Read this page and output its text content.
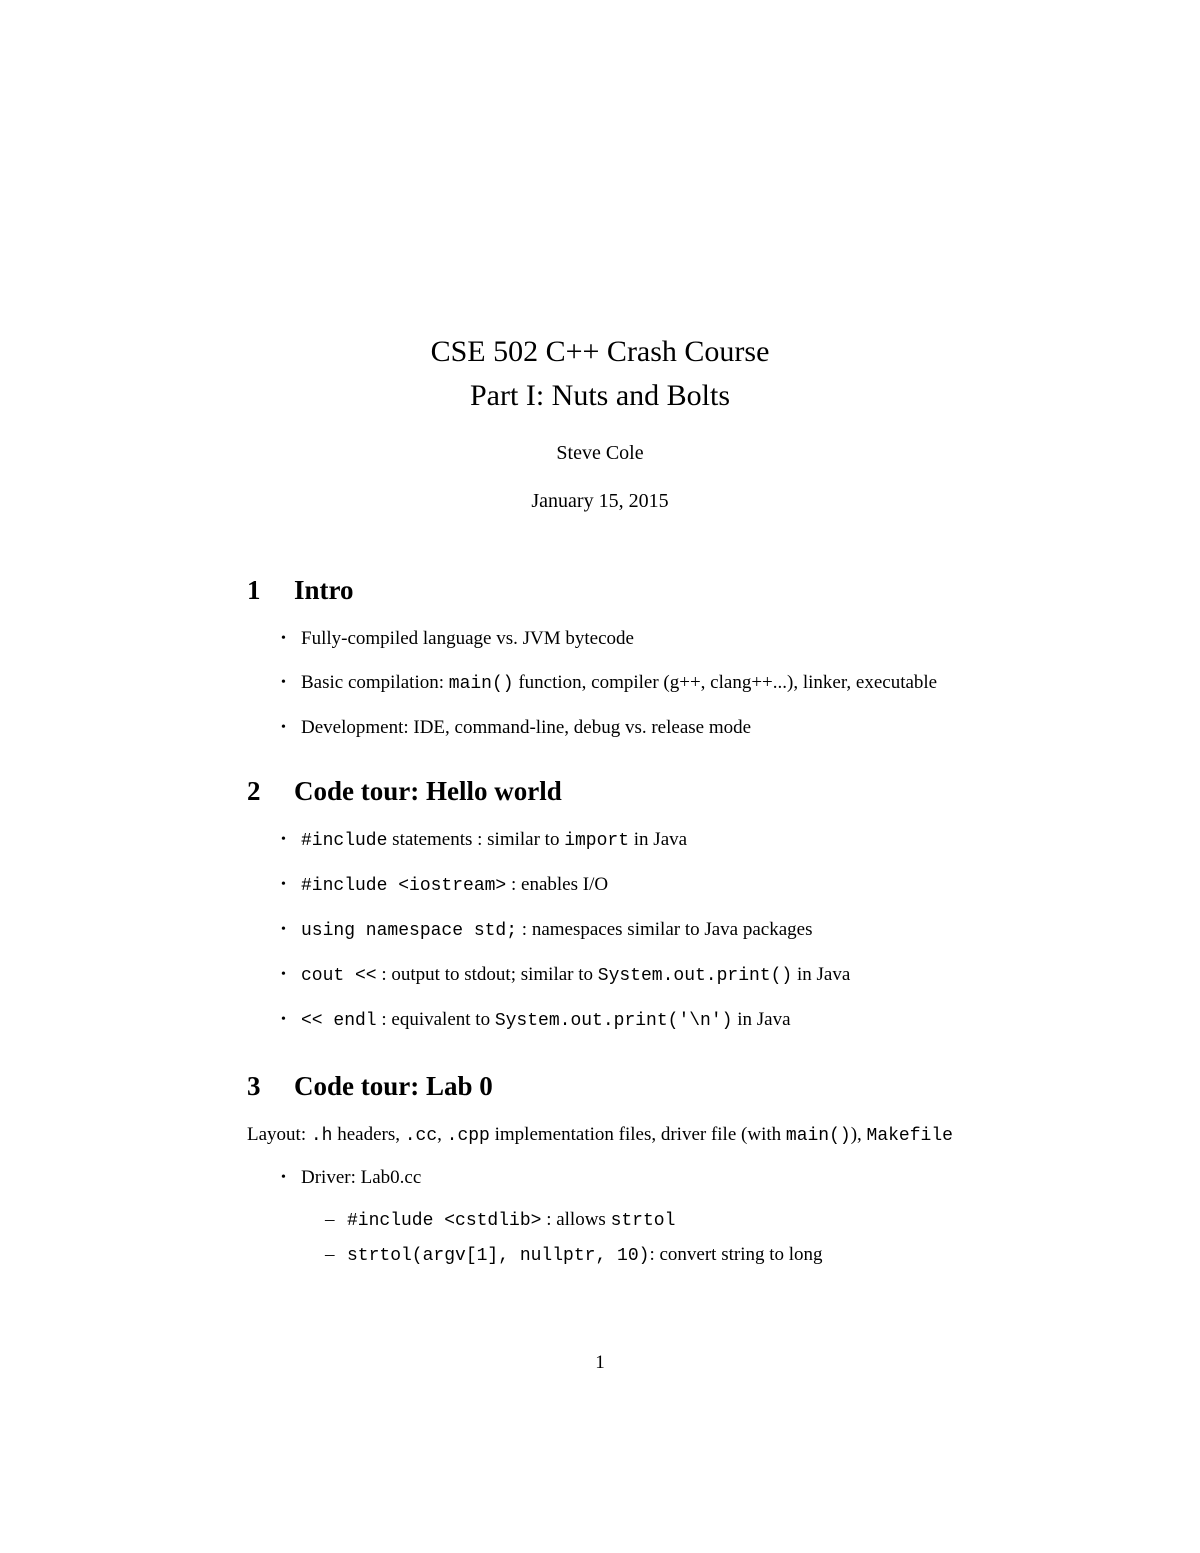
CSE 502 C++ Crash Course
Part I: Nuts and Bolts
Steve Cole
January 15, 2015
1	Intro
• Fully-compiled language vs. JVM bytecode
• Basic compilation: main() function, compiler (g++, clang++...), linker, executable
• Development: IDE, command-line, debug vs. release mode
2	Code tour: Hello world
• #include statements : similar to import in Java
• #include <iostream> : enables I/O
• using namespace std; : namespaces similar to Java packages
• cout << : output to stdout; similar to System.out.print() in Java
• << endl : equivalent to System.out.print('\n') in Java
3	Code tour: Lab 0

Layout: .h headers, .cc, .cpp implementation files, driver file (with main()), Makefile

• Driver: Lab0.cc
– #include <cstdlib> : allows strtol
– strtol(argv[1], nullptr, 10): convert string to long
1
